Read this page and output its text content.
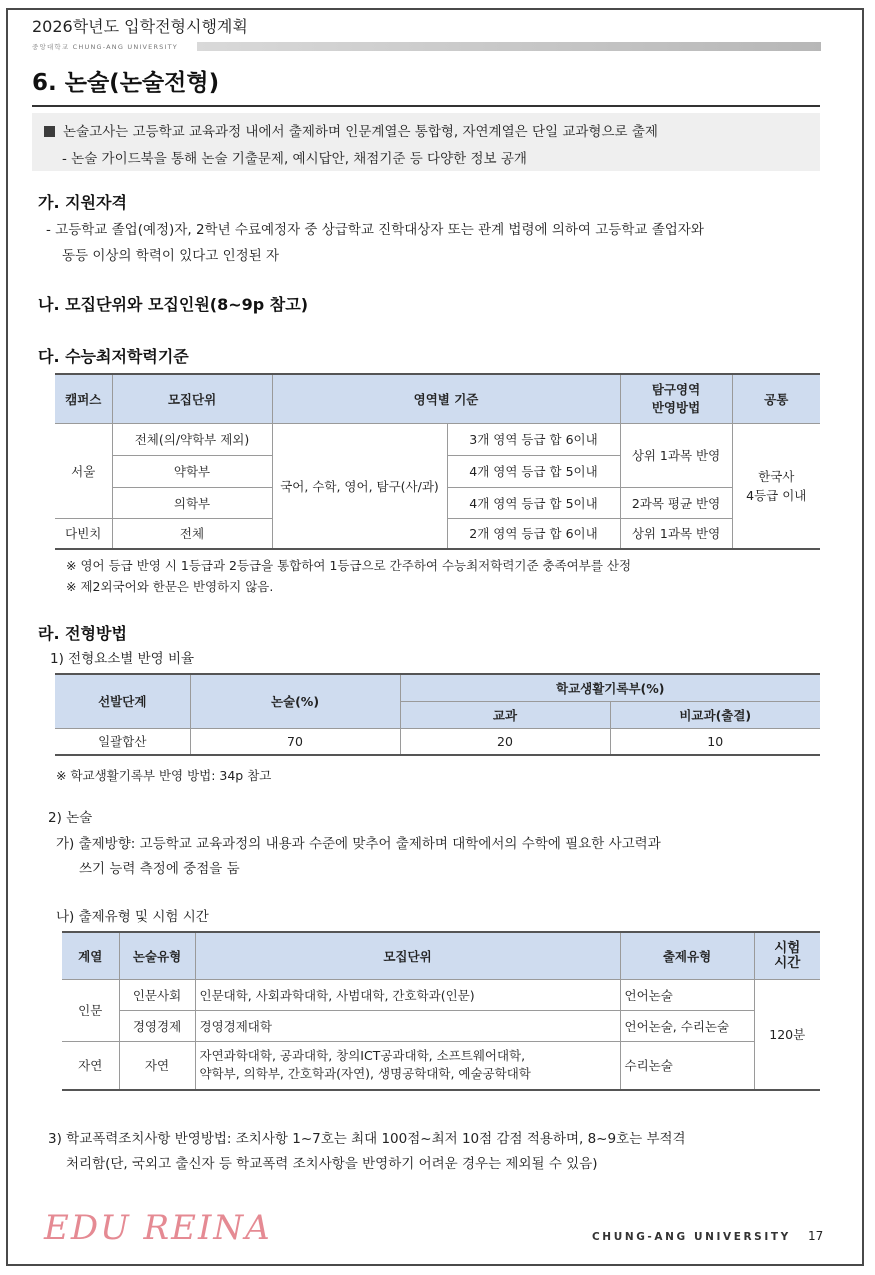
2026학년도 입학전형시행계획
중앙대학교 CHUNG-ANG UNIVERSITY
6. 논술(논술전형)
논술고사는 고등학교 교육과정 내에서 출제하며 인문계열은 통합형, 자연계열은 단일 교과형으로 출제
- 논술 가이드북을 통해 논술 기출문제, 예시답안, 채점기준 등 다양한 정보 공개
가. 지원자격
- 고등학교 졸업(예정)자, 2학년 수료예정자 중 상급학교 진학대상자 또는 관계 법령에 의하여 고등학교 졸업자와
동등 이상의 학력이 있다고 인정된 자
나. 모집단위와 모집인원(8~9p 참고)
다. 수능최저학력기준
캠퍼스	모집단위	영역별 기준		탐구영역
반영방법	공통
서울	전체(의/약학부 제외)	국어, 수학, 영어, 탐구(사/과)	3개 영역 등급 합 6이내	상위 1과목 반영	한국사
4등급 이내
	약학부		4개 영역 등급 합 5이내		
	의학부		4개 영역 등급 합 5이내	2과목 평균 반영	
다빈치	전체		2개 영역 등급 합 6이내	상위 1과목 반영	
※ 영어 등급 반영 시 1등급과 2등급을 통합하여 1등급으로 간주하여 수능최저학력기준 충족여부를 산정
※ 제2외국어와 한문은 반영하지 않음.
라. 전형방법
1) 전형요소별 반영 비율
선발단계	논술(%)	학교생활기록부(%)	
		교과	비교과(출결)
일괄합산	70	20	10
※ 학교생활기록부 반영 방법: 34p 참고
2) 논술
가) 출제방향: 고등학교 교육과정의 내용과 수준에 맞추어 출제하며 대학에서의 수학에 필요한 사고력과
쓰기 능력 측정에 중점을 둠
나) 출제유형 및 시험 시간
계열	논술유형	모집단위	출제유형	시험
시간
인문	인문사회	인문대학, 사회과학대학, 사범대학, 간호학과(인문)	언어논술	120분
	경영경제	경영경제대학	언어논술, 수리논술	
자연	자연	자연과학대학, 공과대학, 창의ICT공과대학, 소프트웨어대학,
약학부, 의학부, 간호학과(자연), 생명공학대학, 예술공학대학	수리논술	
3) 학교폭력조치사항 반영방법: 조치사항 1~7호는 최대 100점~최저 10점 감점 적용하며, 8~9호는 부적격
처리함(단, 국외고 출신자 등 학교폭력 조치사항을 반영하기 어려운 경우는 제외될 수 있음)
EDU REINA	CHUNG-ANG UNIVERSITY 17
